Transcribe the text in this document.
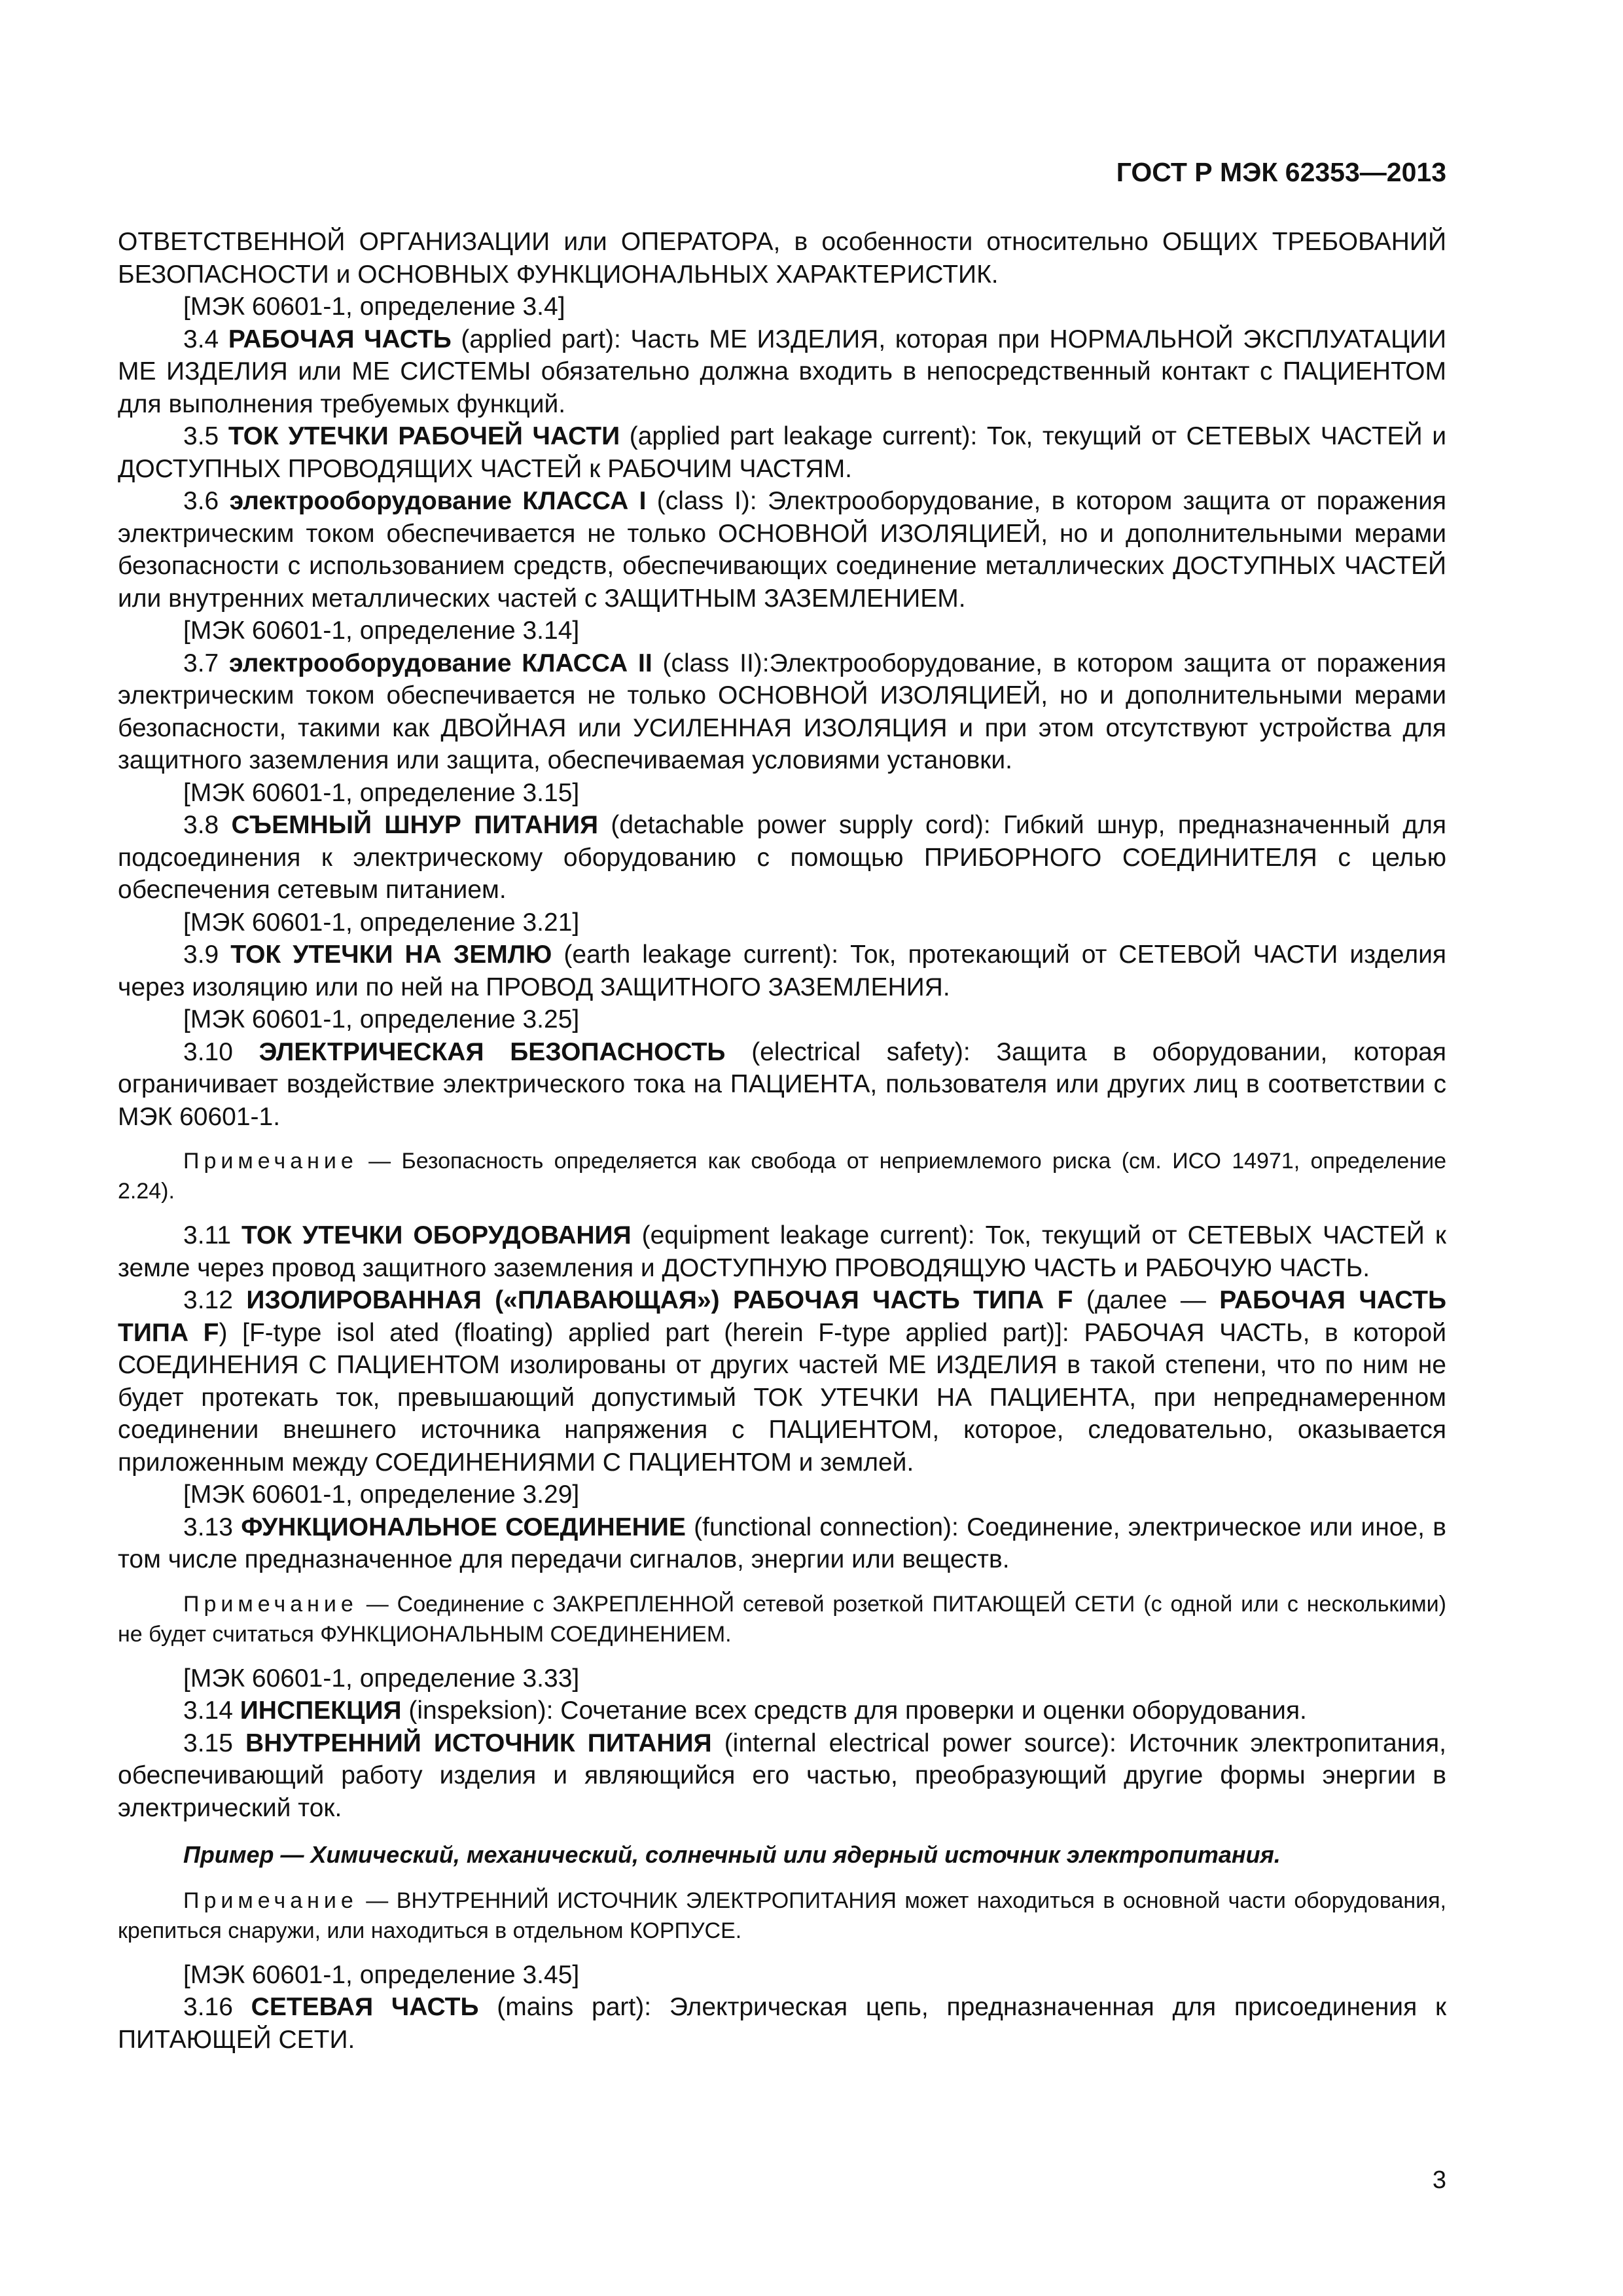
ГОСТ Р МЭК 62353—2013

ОТВЕТСТВЕННОЙ ОРГАНИЗАЦИИ или ОПЕРАТОРА, в особенности относительно ОБЩИХ ТРЕБОВАНИЙ БЕЗОПАСНОСТИ и ОСНОВНЫХ ФУНКЦИОНАЛЬНЫХ ХАРАКТЕРИСТИК.

[МЭК 60601-1, определение 3.4]

3.4 РАБОЧАЯ ЧАСТЬ (applied part): Часть МЕ ИЗДЕЛИЯ, которая при НОРМАЛЬНОЙ ЭКСПЛУАТАЦИИ МЕ ИЗДЕЛИЯ или МЕ СИСТЕМЫ обязательно должна входить в непосредственный контакт с ПАЦИЕНТОМ для выполнения требуемых функций.

3.5 ТОК УТЕЧКИ РАБОЧЕЙ ЧАСТИ (applied part leakage current): Ток, текущий от СЕТЕВЫХ ЧАСТЕЙ и ДОСТУПНЫХ ПРОВОДЯЩИХ ЧАСТЕЙ к РАБОЧИМ ЧАСТЯМ.

3.6 электрооборудование КЛАССА I (class I): Электрооборудование, в котором защита от поражения электрическим током обеспечивается не только ОСНОВНОЙ ИЗОЛЯЦИЕЙ, но и дополнительными мерами безопасности с использованием средств, обеспечивающих соединение металлических ДОСТУПНЫХ ЧАСТЕЙ или внутренних металлических частей с ЗАЩИТНЫМ ЗАЗЕМЛЕНИЕМ.

[МЭК 60601-1, определение 3.14]

3.7 электрооборудование КЛАССА II (class II):Электрооборудование, в котором защита от поражения электрическим током обеспечивается не только ОСНОВНОЙ ИЗОЛЯЦИЕЙ, но и дополнительными мерами безопасности, такими как ДВОЙНАЯ или УСИЛЕННАЯ ИЗОЛЯЦИЯ и при этом отсутствуют устройства для защитного заземления или защита, обеспечиваемая условиями установки.

[МЭК 60601-1, определение 3.15]

3.8 СЪЕМНЫЙ ШНУР ПИТАНИЯ (detachable power supply cord): Гибкий шнур, предназначенный для подсоединения к электрическому оборудованию с помощью ПРИБОРНОГО СОЕДИНИТЕЛЯ с целью обеспечения сетевым питанием.

[МЭК 60601-1, определение 3.21]

3.9 ТОК УТЕЧКИ НА ЗЕМЛЮ (earth leakage current): Ток, протекающий от СЕТЕВОЙ ЧАСТИ изделия через изоляцию или по ней на ПРОВОД ЗАЩИТНОГО ЗАЗЕМЛЕНИЯ.

[МЭК 60601-1, определение 3.25]

3.10 ЭЛЕКТРИЧЕСКАЯ БЕЗОПАСНОСТЬ (electrical safety): Защита в оборудовании, которая ограничивает воздействие электрического тока на ПАЦИЕНТА, пользователя или других лиц в соответствии с МЭК 60601-1.

Примечание — Безопасность определяется как свобода от неприемлемого риска (см. ИСО 14971, определение 2.24).

3.11 ТОК УТЕЧКИ ОБОРУДОВАНИЯ (equipment leakage current): Ток, текущий от СЕТЕВЫХ ЧАСТЕЙ к земле через провод защитного заземления и ДОСТУПНУЮ ПРОВОДЯЩУЮ ЧАСТЬ и РАБОЧУЮ ЧАСТЬ.

3.12 ИЗОЛИРОВАННАЯ («ПЛАВАЮЩАЯ») РАБОЧАЯ ЧАСТЬ ТИПА F (далее — РАБОЧАЯ ЧАСТЬ ТИПА F) [F-type isol ated (floating) applied part (herein F-type applied part)]: РАБОЧАЯ ЧАСТЬ, в которой СОЕДИНЕНИЯ С ПАЦИЕНТОМ изолированы от других частей МЕ ИЗДЕЛИЯ в такой степени, что по ним не будет протекать ток, превышающий допустимый ТОК УТЕЧКИ НА ПАЦИЕНТА, при непреднамеренном соединении внешнего источника напряжения с ПАЦИЕНТОМ, которое, следовательно, оказывается приложенным между СОЕДИНЕНИЯМИ С ПАЦИЕНТОМ и землей.

[МЭК 60601-1, определение 3.29]

3.13 ФУНКЦИОНАЛЬНОЕ СОЕДИНЕНИЕ (functional connection): Соединение, электрическое или иное, в том числе предназначенное для передачи сигналов, энергии или веществ.

Примечание — Соединение с ЗАКРЕПЛЕННОЙ сетевой розеткой ПИТАЮЩЕЙ СЕТИ (с одной или с несколькими) не будет считаться ФУНКЦИОНАЛЬНЫМ СОЕДИНЕНИЕМ.

[МЭК 60601-1, определение 3.33]

3.14 ИНСПЕКЦИЯ (inspeksion): Сочетание всех средств для проверки и оценки оборудования.

3.15 ВНУТРЕННИЙ ИСТОЧНИК ПИТАНИЯ (internal electrical power source): Источник электропитания, обеспечивающий работу изделия и являющийся его частью, преобразующий другие формы энергии в электрический ток.

Пример — Химический, механический, солнечный или ядерный источник электропитания.

Примечание — ВНУТРЕННИЙ ИСТОЧНИК ЭЛЕКТРОПИТАНИЯ может находиться в основной части оборудования, крепиться снаружи, или находиться в отдельном КОРПУСЕ.

[МЭК 60601-1, определение 3.45]

3.16 СЕТЕВАЯ ЧАСТЬ (mains part): Электрическая цепь, предназначенная для присоединения к ПИТАЮЩЕЙ СЕТИ.

3
